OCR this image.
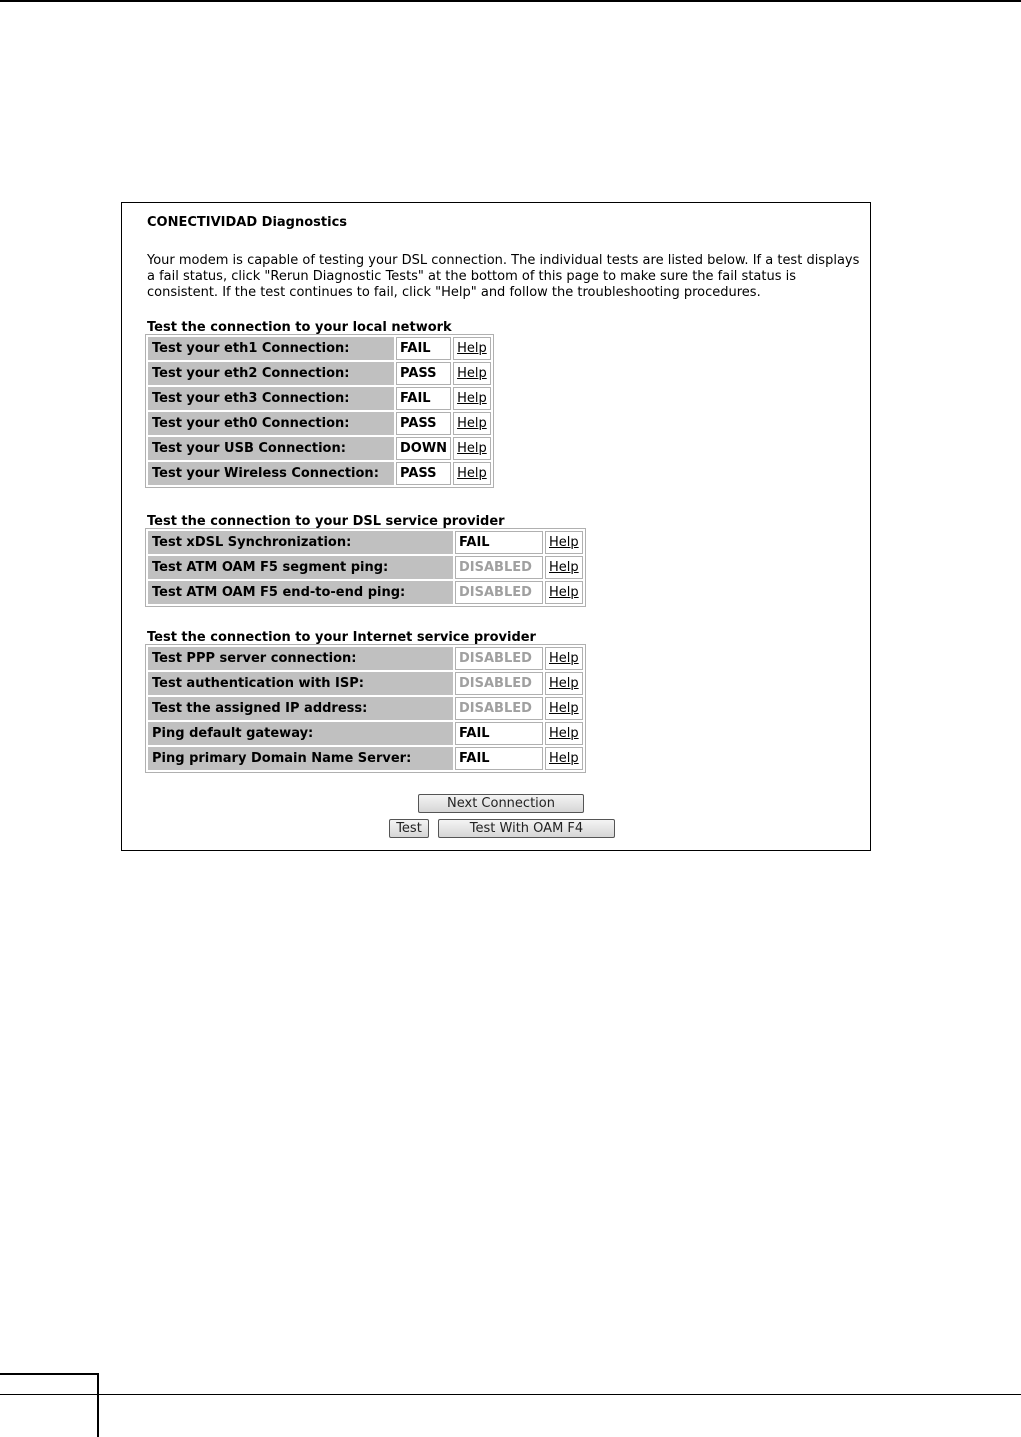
CONECTIVIDAD Diagnostics

Your modem is capable of testing your DSL connection. The individual tests are listed below. If a test displays a fail status, click "Rerun Diagnostic Tests" at the bottom of this page to make sure the fail status is consistent. If the test continues to fail, click "Help" and follow the troubleshooting procedures.

Test the connection to your local network

Test your eth1 Connection:	FAIL	Help
Test your eth2 Connection:	PASS	Help
Test your eth3 Connection:	FAIL	Help
Test your eth0 Connection:	PASS	Help
Test your USB Connection:	DOWN	Help
Test your Wireless Connection:	PASS	Help

Test the connection to your DSL service provider

Test xDSL Synchronization:	FAIL	Help
Test ATM OAM F5 segment ping:	DISABLED	Help
Test ATM OAM F5 end-to-end ping:	DISABLED	Help

Test the connection to your Internet service provider

Test PPP server connection:	DISABLED	Help
Test authentication with ISP:	DISABLED	Help
Test the assigned IP address:	DISABLED	Help
Ping default gateway:	FAIL	Help
Ping primary Domain Name Server:	FAIL	Help
Next Connection
Test	Test With OAM F4
